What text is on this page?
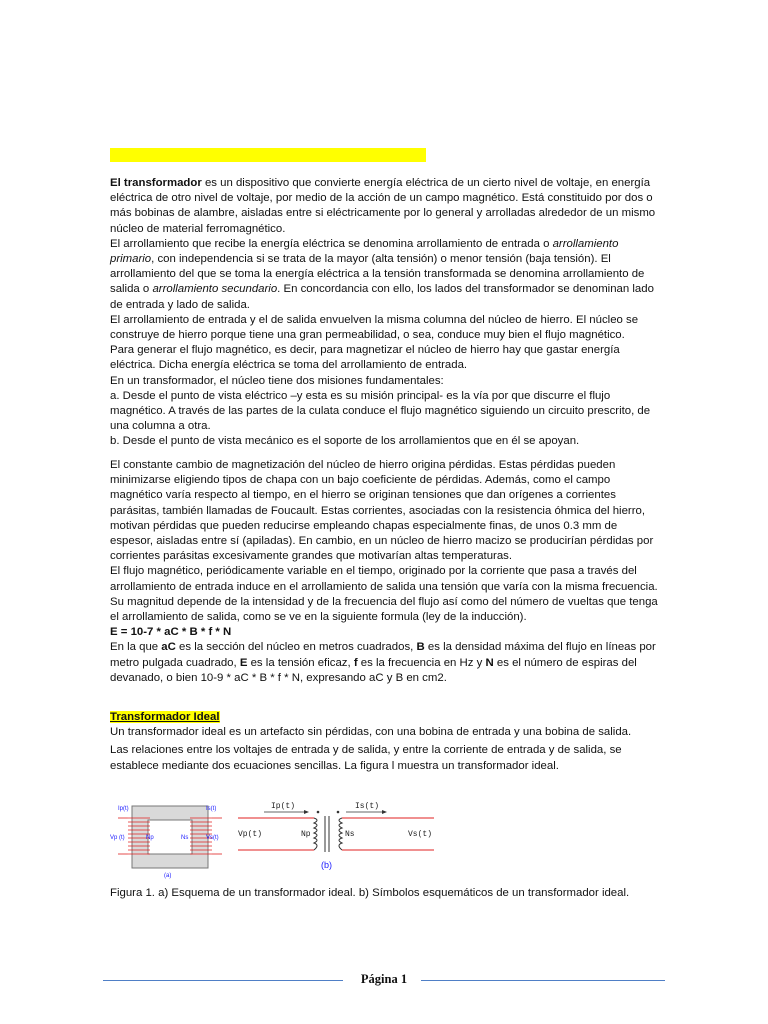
El transformador es un dispositivo que convierte energía eléctrica de un cierto nivel de voltaje, en energía eléctrica de otro nivel de voltaje, por medio de la acción de un campo magnético. Está constituido por dos o más bobinas de alambre, aisladas entre si eléctricamente por lo general y arrolladas alrededor de un mismo núcleo de material ferromagnético.

El arrollamiento que recibe la energía eléctrica se denomina arrollamiento de entrada o arrollamiento primario, con independencia si se trata de la mayor (alta tensión) o menor tensión (baja tensión). El arrollamiento del que se toma la energía eléctrica a la tensión transformada se denomina arrollamiento de salida o arrollamiento secundario. En concordancia con ello, los lados del transformador se denominan lado de entrada y lado de salida.

El arrollamiento de entrada y el de salida envuelven la misma columna del núcleo de hierro. El núcleo se construye de hierro porque tiene una gran permeabilidad, o sea, conduce muy bien el flujo magnético.

Para generar el flujo magnético, es decir, para magnetizar el núcleo de hierro hay que gastar energía eléctrica. Dicha energía eléctrica se toma del arrollamiento de entrada.

En un transformador, el núcleo tiene dos misiones fundamentales:

a. Desde el punto de vista eléctrico –y esta es su misión principal- es la vía por que discurre el flujo magnético. A través de las partes de la culata conduce el flujo magnético siguiendo un circuito prescrito, de una columna a otra.

b. Desde el punto de vista mecánico es el soporte de los arrollamientos que en él se apoyan.

El constante cambio de magnetización del núcleo de hierro origina pérdidas. Estas pérdidas pueden minimizarse eligiendo tipos de chapa con un bajo coeficiente de pérdidas. Además, como el campo magnético varía respecto al tiempo, en el hierro se originan tensiones que dan orígenes a corrientes parásitas, también llamadas de Foucault. Estas corrientes, asociadas con la resistencia óhmica del hierro, motivan pérdidas que pueden reducirse empleando chapas especialmente finas, de unos 0.3 mm de espesor, aisladas entre sí (apiladas). En cambio, en un núcleo de hierro macizo se producirían pérdidas por corrientes parásitas excesivamente grandes que motivarían altas temperaturas.

El flujo magnético, periódicamente variable en el tiempo, originado por la corriente que pasa a través del arrollamiento de entrada induce en el arrollamiento de salida una tensión que varía con la misma frecuencia.

Su magnitud depende de la intensidad y de la frecuencia del flujo así como del número de vueltas que tenga el arrollamiento de salida, como se ve en la siguiente formula (ley de la inducción).

E = 10-7 * aC * B * f * N

En la que aC es la sección del núcleo en metros cuadrados, B es la densidad máxima del flujo en líneas por metro pulgada cuadrado, E es la tensión eficaz, f es la frecuencia en Hz y N es el número de espiras del devanado, o bien 10-9 * aC * B * f * N, expresando aC y B en cm2.

Transformador Ideal

Un transformador ideal es un artefacto sin pérdidas, con una bobina de entrada y una bobina de salida.

Las relaciones entre los voltajes de entrada y de salida, y entre la corriente de entrada y de salida, se establece mediante dos ecuaciones sencillas. La figura l muestra un transformador ideal.

Ip(t)
Vp (t)	Np	Ns
Is(t)
Vs(t)
(a)
Ip(t)	Is(t)
Vp(t)	Np	Ns	Vs(t)
(b)
Figura 1. a) Esquema de un transformador ideal. b) Símbolos esquemáticos de un transformador ideal.
Página 1
